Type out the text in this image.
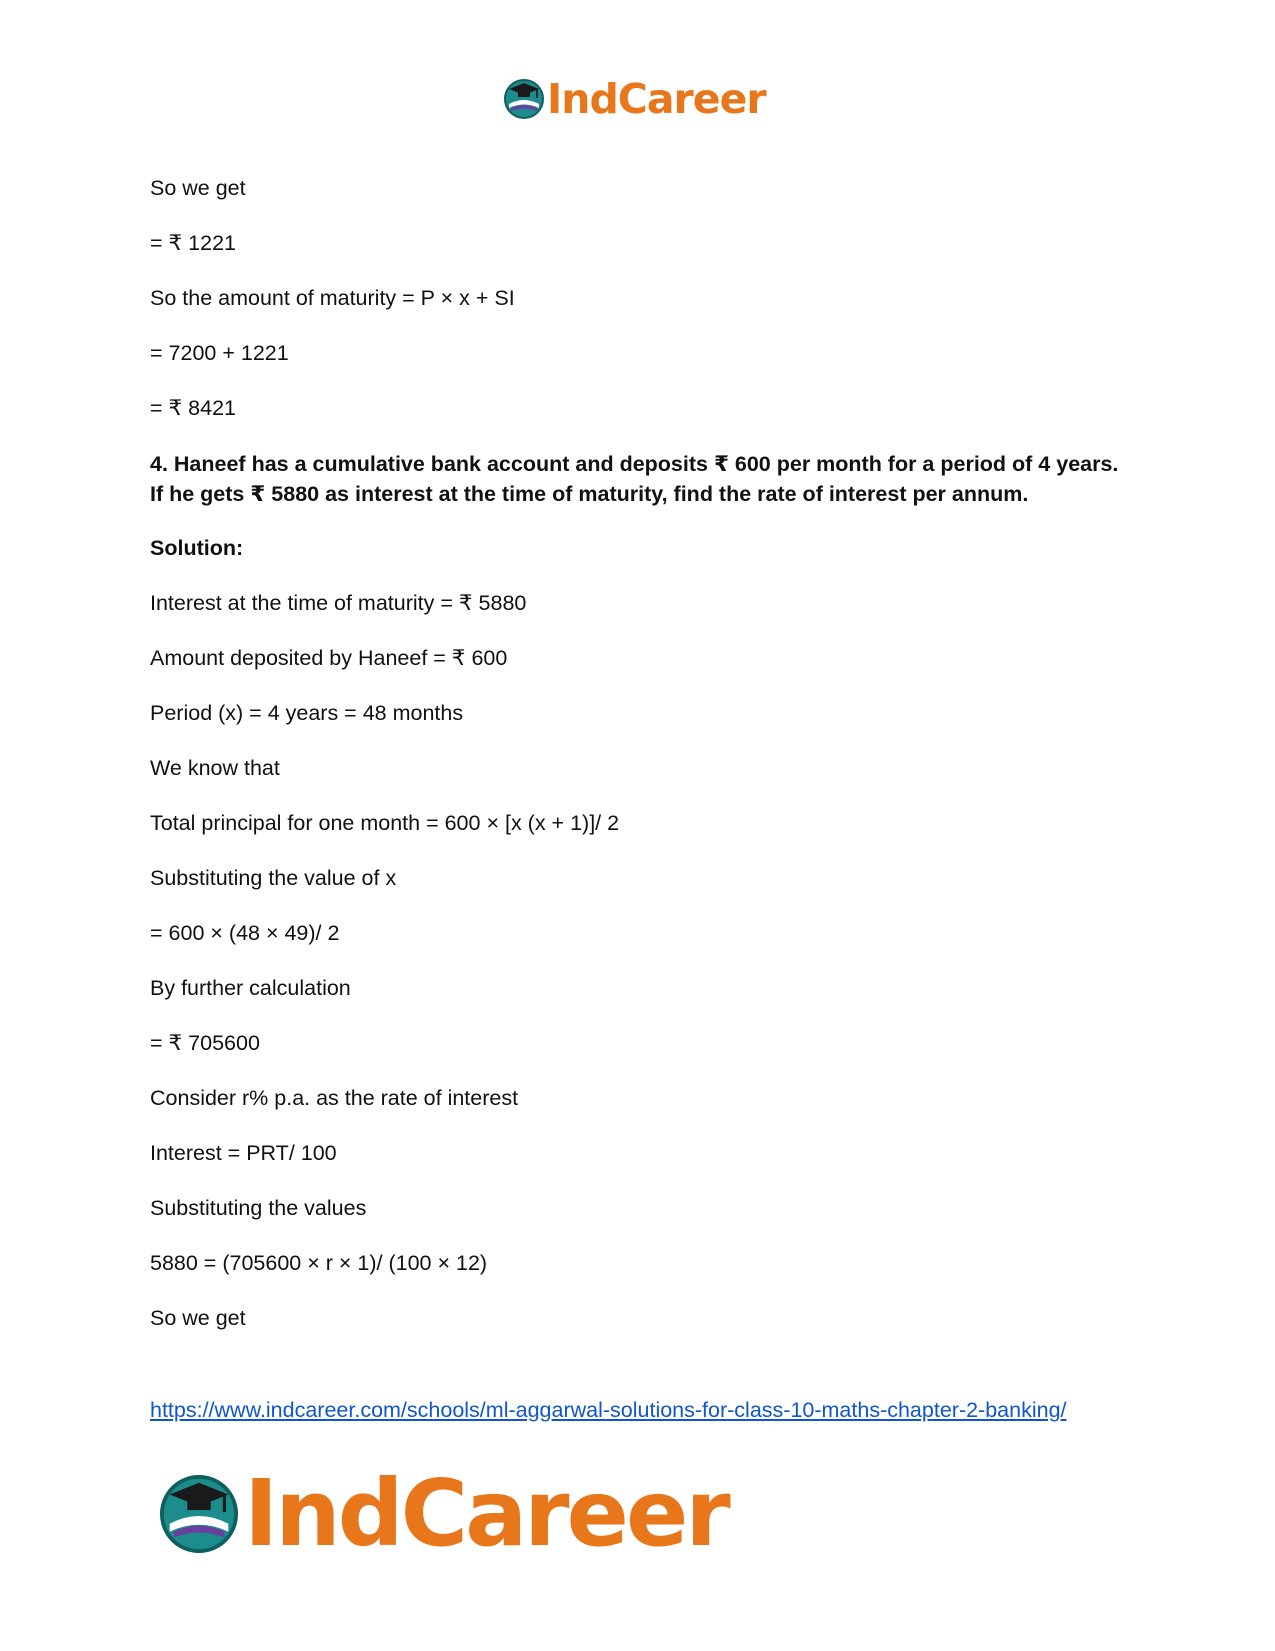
IndCareer

So we get

= ₹ 1221

So the amount of maturity = P × x + SI

= 7200 + 1221

= ₹ 8421

4. Haneef has a cumulative bank account and deposits ₹ 600 per month for a period of 4 years. If he gets ₹ 5880 as interest at the time of maturity, find the rate of interest per annum.

Solution:

Interest at the time of maturity = ₹ 5880

Amount deposited by Haneef = ₹ 600

Period (x) = 4 years = 48 months

We know that

Total principal for one month = 600 × [x (x + 1)]/ 2

Substituting the value of x

= 600 × (48 × 49)/ 2

By further calculation

= ₹ 705600

Consider r% p.a. as the rate of interest

Interest = PRT/ 100

Substituting the values

5880 = (705600 × r × 1)/ (100 × 12)

So we get

https://www.indcareer.com/schools/ml-aggarwal-solutions-for-class-10-maths-chapter-2-banking/
IndCareer
